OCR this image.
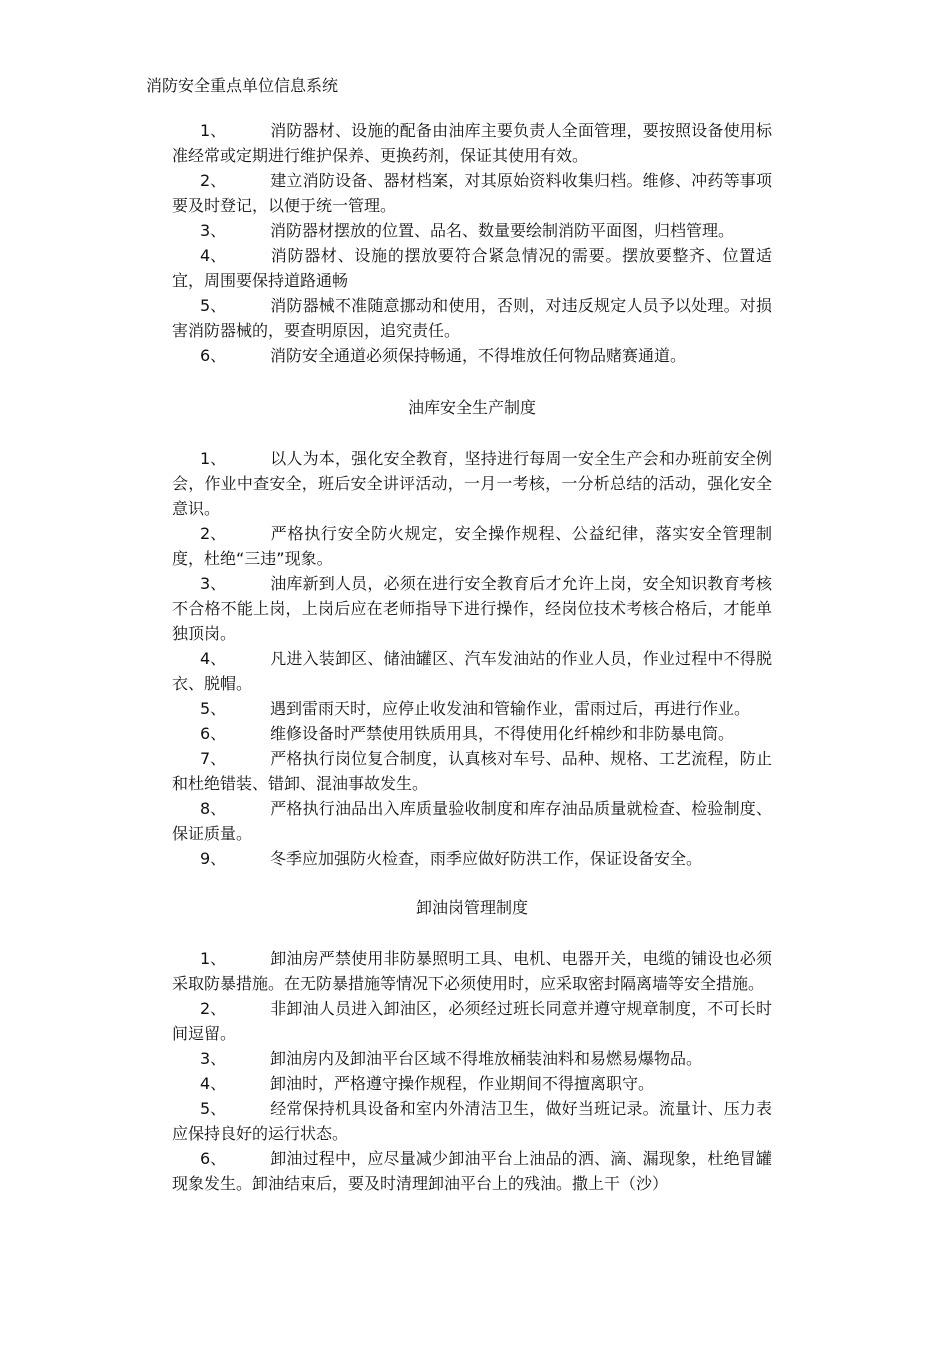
消防安全重点单位信息系统
1、	消防器材、设施的配备由油库主要负责人全面管理，要按照设备使用标准经常或定期进行维护保养、更换药剂，保证其使用有效。
2、	建立消防设备、器材档案，对其原始资料收集归档。维修、冲药等事项要及时登记，以便于统一管理。
3、	消防器材摆放的位置、品名、数量要绘制消防平面图，归档管理。
4、	消防器材、设施的摆放要符合紧急情况的需要。摆放要整齐、位置适宜，周围要保持道路通畅
5、	消防器械不准随意挪动和使用，否则，对违反规定人员予以处理。对损害消防器械的，要查明原因，追究责任。
6、	消防安全通道必须保持畅通，不得堆放任何物品赌赛通道。

油库安全生产制度

1、	以人为本，强化安全教育，坚持进行每周一安全生产会和办班前安全例会，作业中查安全，班后安全讲评活动，一月一考核，一分析总结的活动，强化安全意识。
2、	严格执行安全防火规定，安全操作规程、公益纪律，落实安全管理制度，杜绝“三违”现象。
3、	油库新到人员，必须在进行安全教育后才允许上岗，安全知识教育考核不合格不能上岗，上岗后应在老师指导下进行操作，经岗位技术考核合格后，才能单独顶岗。
4、	凡进入装卸区、储油罐区、汽车发油站的作业人员，作业过程中不得脱衣、脱帽。
5、	遇到雷雨天时，应停止收发油和管输作业，雷雨过后，再进行作业。
6、	维修设备时严禁使用铁质用具，不得使用化纤棉纱和非防暴电筒。
7、	严格执行岗位复合制度，认真核对车号、品种、规格、工艺流程，防止和杜绝错装、错卸、混油事故发生。
8、	严格执行油品出入库质量验收制度和库存油品质量就检查、检验制度、保证质量。
9、	冬季应加强防火检查，雨季应做好防洪工作，保证设备安全。

卸油岗管理制度

1、	卸油房严禁使用非防暴照明工具、电机、电器开关，电缆的铺设也必须采取防暴措施。在无防暴措施等情况下必须使用时，应采取密封隔离墙等安全措施。
2、	非卸油人员进入卸油区，必须经过班长同意并遵守规章制度，不可长时间逗留。
3、	卸油房内及卸油平台区域不得堆放桶装油料和易燃易爆物品。
4、	卸油时，严格遵守操作规程，作业期间不得擅离职守。
5、	经常保持机具设备和室内外清洁卫生，做好当班记录。流量计、压力表应保持良好的运行状态。
6、	卸油过程中，应尽量减少卸油平台上油品的洒、滴、漏现象，杜绝冒罐现象发生。卸油结束后，要及时清理卸油平台上的残油。撒上干（沙）
